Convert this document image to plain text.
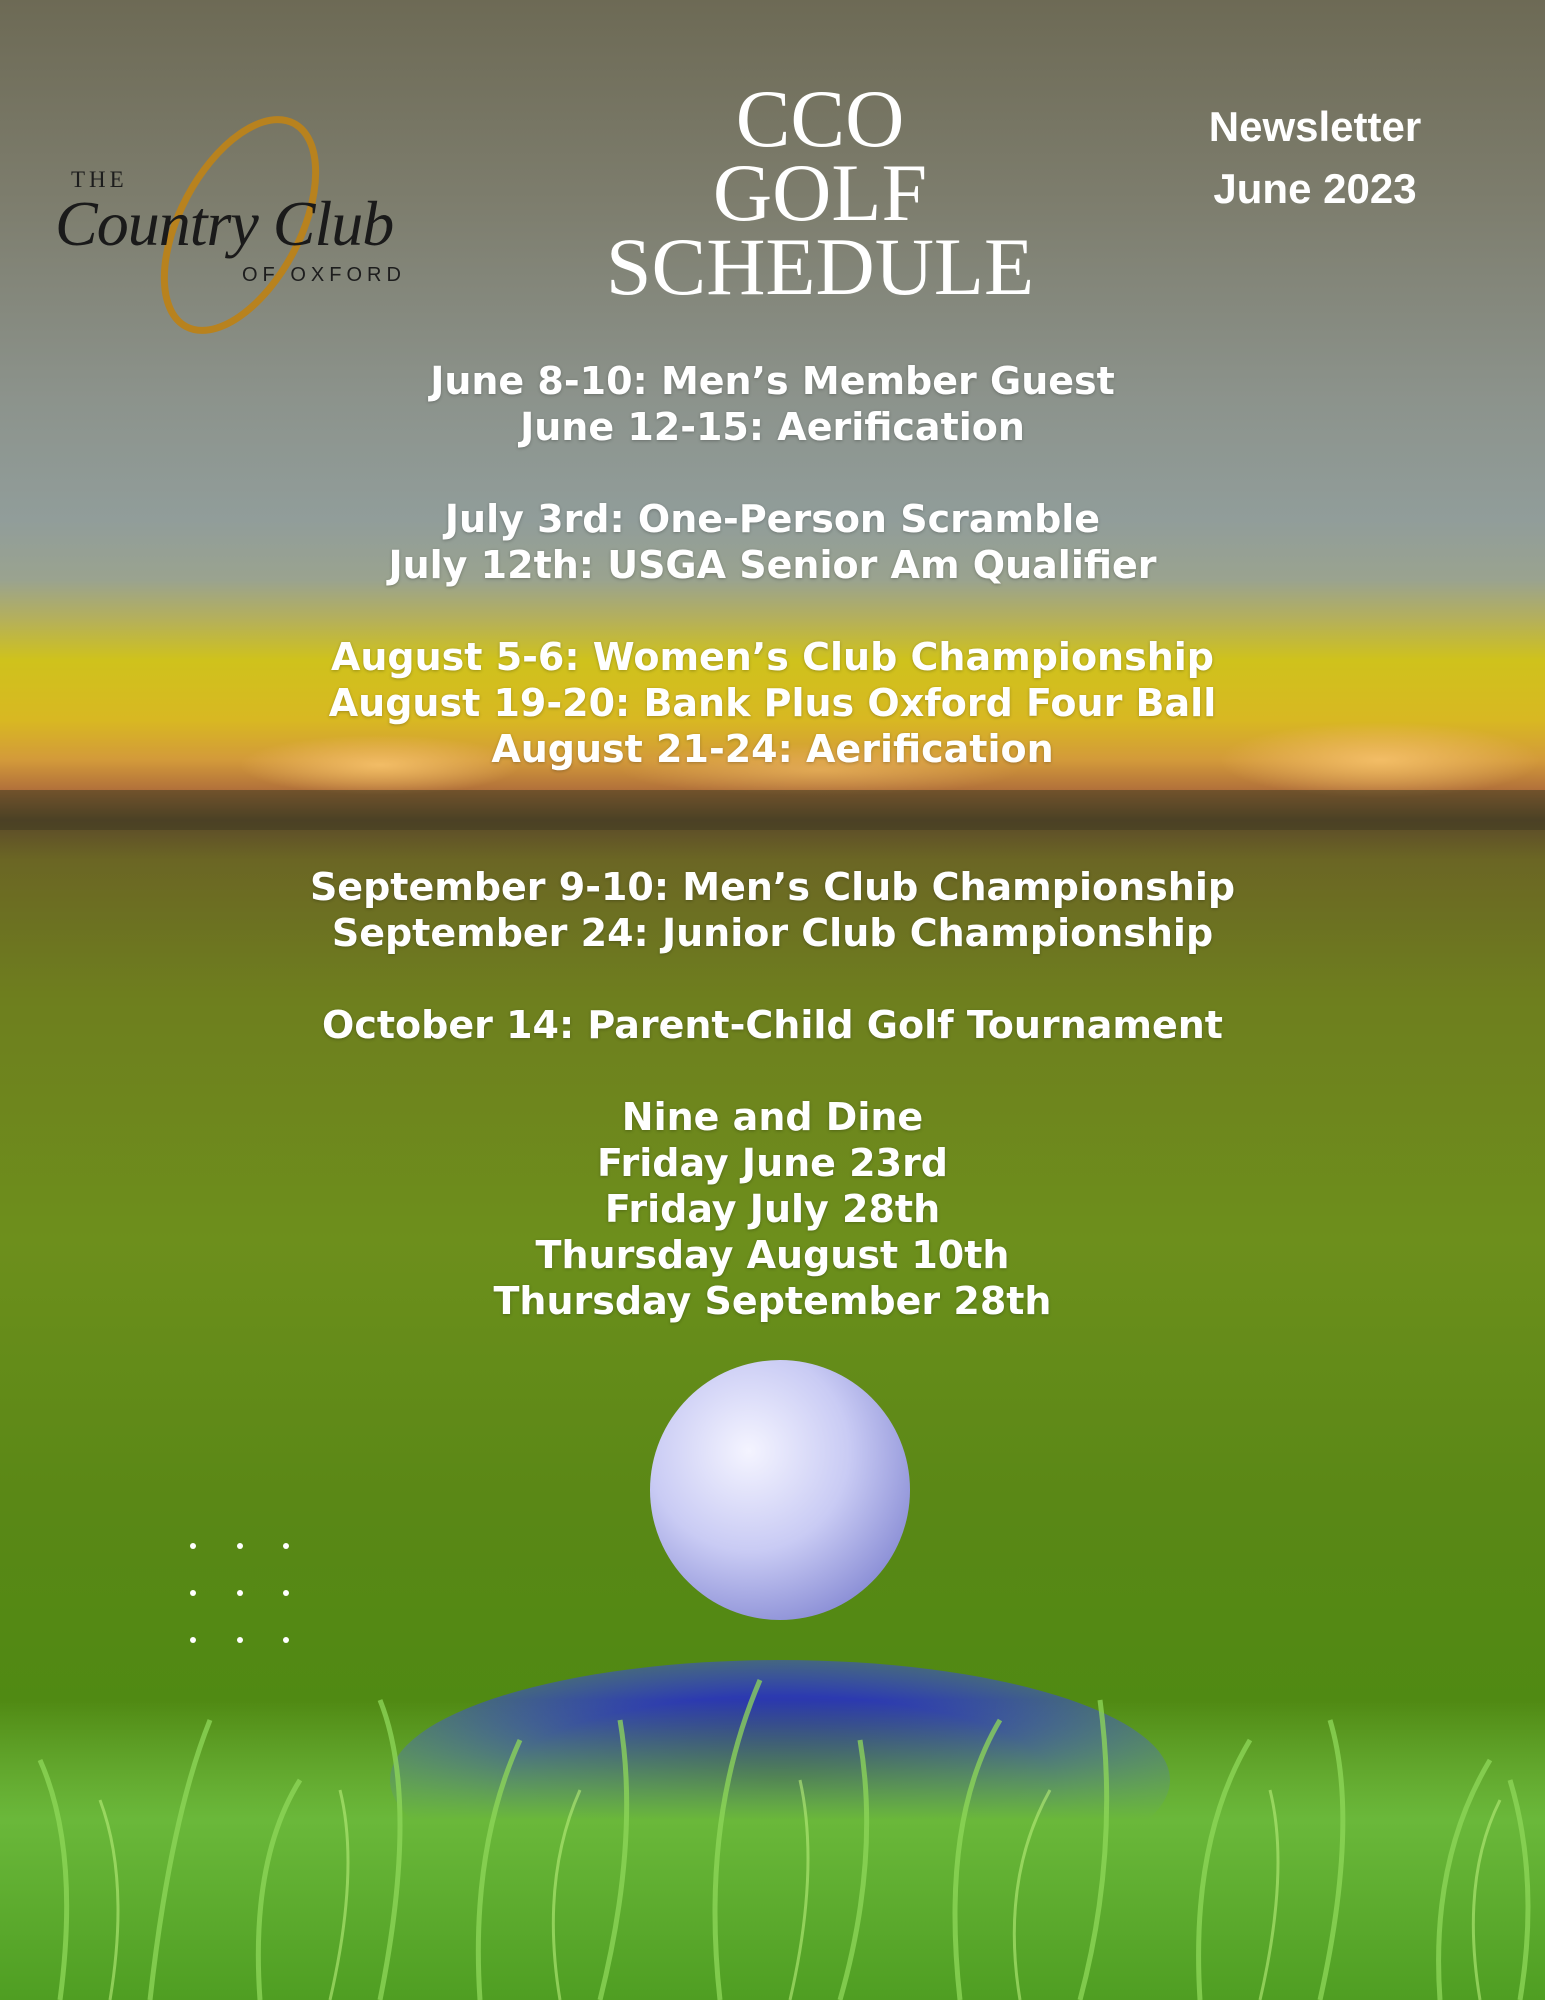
THE
Country Club
OF OXFORD
CCO
GOLF
SCHEDULE
Newsletter
June 2023
June 8-10: Men’s Member Guest
June 12-15: Aerification
July 3rd: One-Person Scramble
July 12th: USGA Senior Am Qualifier
August 5-6: Women’s Club Championship
August 19-20: Bank Plus Oxford Four Ball
August 21-24: Aerification
September 9-10: Men’s Club Championship
September 24: Junior Club Championship
October 14: Parent-Child Golf Tournament
Nine and Dine
Friday June 23rd
Friday July 28th
Thursday August 10th
Thursday September 28th
